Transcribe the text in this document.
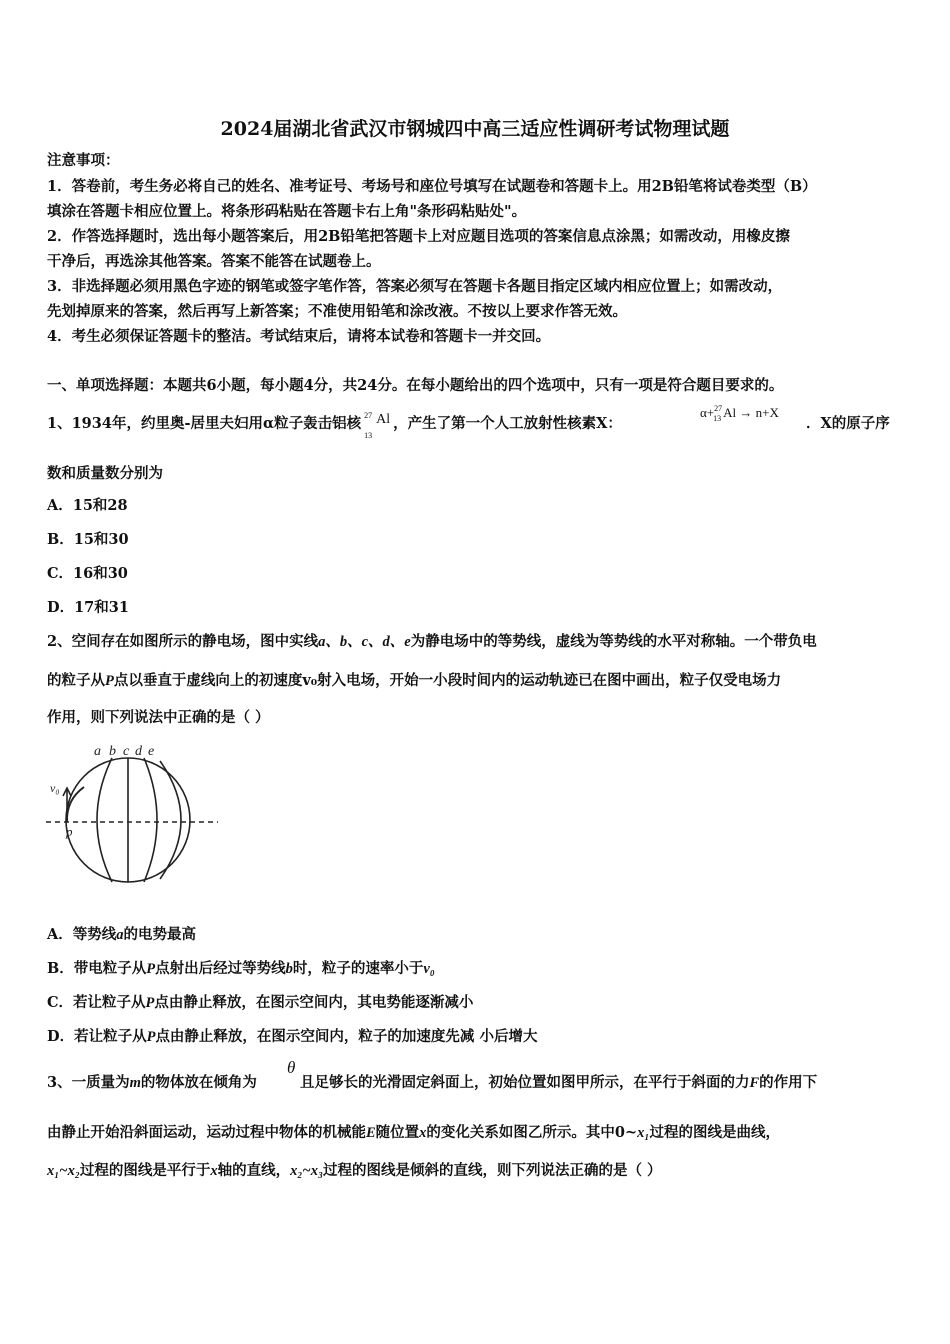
2024届湖北省武汉市钢城四中高三适应性调研考试物理试题
注意事项：
1．答卷前，考生务必将自己的姓名、准考证号、考场号和座位号填写在试题卷和答题卡上。用2B铅笔将试卷类型（B）
填涂在答题卡相应位置上。将条形码粘贴在答题卡右上角"条形码粘贴处"。
2．作答选择题时，选出每小题答案后，用2B铅笔把答题卡上对应题目选项的答案信息点涂黑；如需改动，用橡皮擦
干净后，再选涂其他答案。答案不能答在试题卷上。
3．非选择题必须用黑色字迹的钢笔或签字笔作答，答案必须写在答题卡各题目指定区域内相应位置上；如需改动，
先划掉原来的答案，然后再写上新答案；不准使用铅笔和涂改液。不按以上要求作答无效。
4．考生必须保证答题卡的整洁。考试结束后，请将本试卷和答题卡一并交回。
一、单项选择题：本题共6小题，每小题4分，共24分。在每小题给出的四个选项中，只有一项是符合题目要求的。
1、1934年，约里奥-居里夫妇用α粒子轰击铝核 27
13
Al ，产生了第一个人工放射性核素X：
α+$^{27}_{13}$ Al → n+X
．X的原子序
数和质量数分别为
A．15和28
B．15和30
C．16和30
D．17和31
2、空间存在如图所示的静电场，图中实线a、b、c、d、e为静电场中的等势线，虚线为等势线的水平对称轴。一个带负电
的粒子从P点以垂直于虚线向上的初速度v₀射入电场，开始一小段时间内的运动轨迹已在图中画出，粒子仅受电场力
作用，则下列说法中正确的是（ ）
a b c d e
v₀
p
A．等势线a的电势最高
B．带电粒子从P点射出后经过等势线b时，粒子的速率小于v₀
C．若让粒子从P点由静止释放，在图示空间内，其电势能逐渐减小
D．若让粒子从P点由静止释放，在图示空间内，粒子的加速度先减 小后增大
3、一质量为m的物体放在倾角为
θ
且足够长的光滑固定斜面上，初始位置如图甲所示，在平行于斜面的力F的作用下
由静止开始沿斜面运动，运动过程中物体的机械能E随位置x的变化关系如图乙所示。其中0~x₁过程的图线是曲线，
x₁~x₂过程的图线是平行于x轴的直线，x₂~x₃过程的图线是倾斜的直线，则下列说法正确的是（ ）
